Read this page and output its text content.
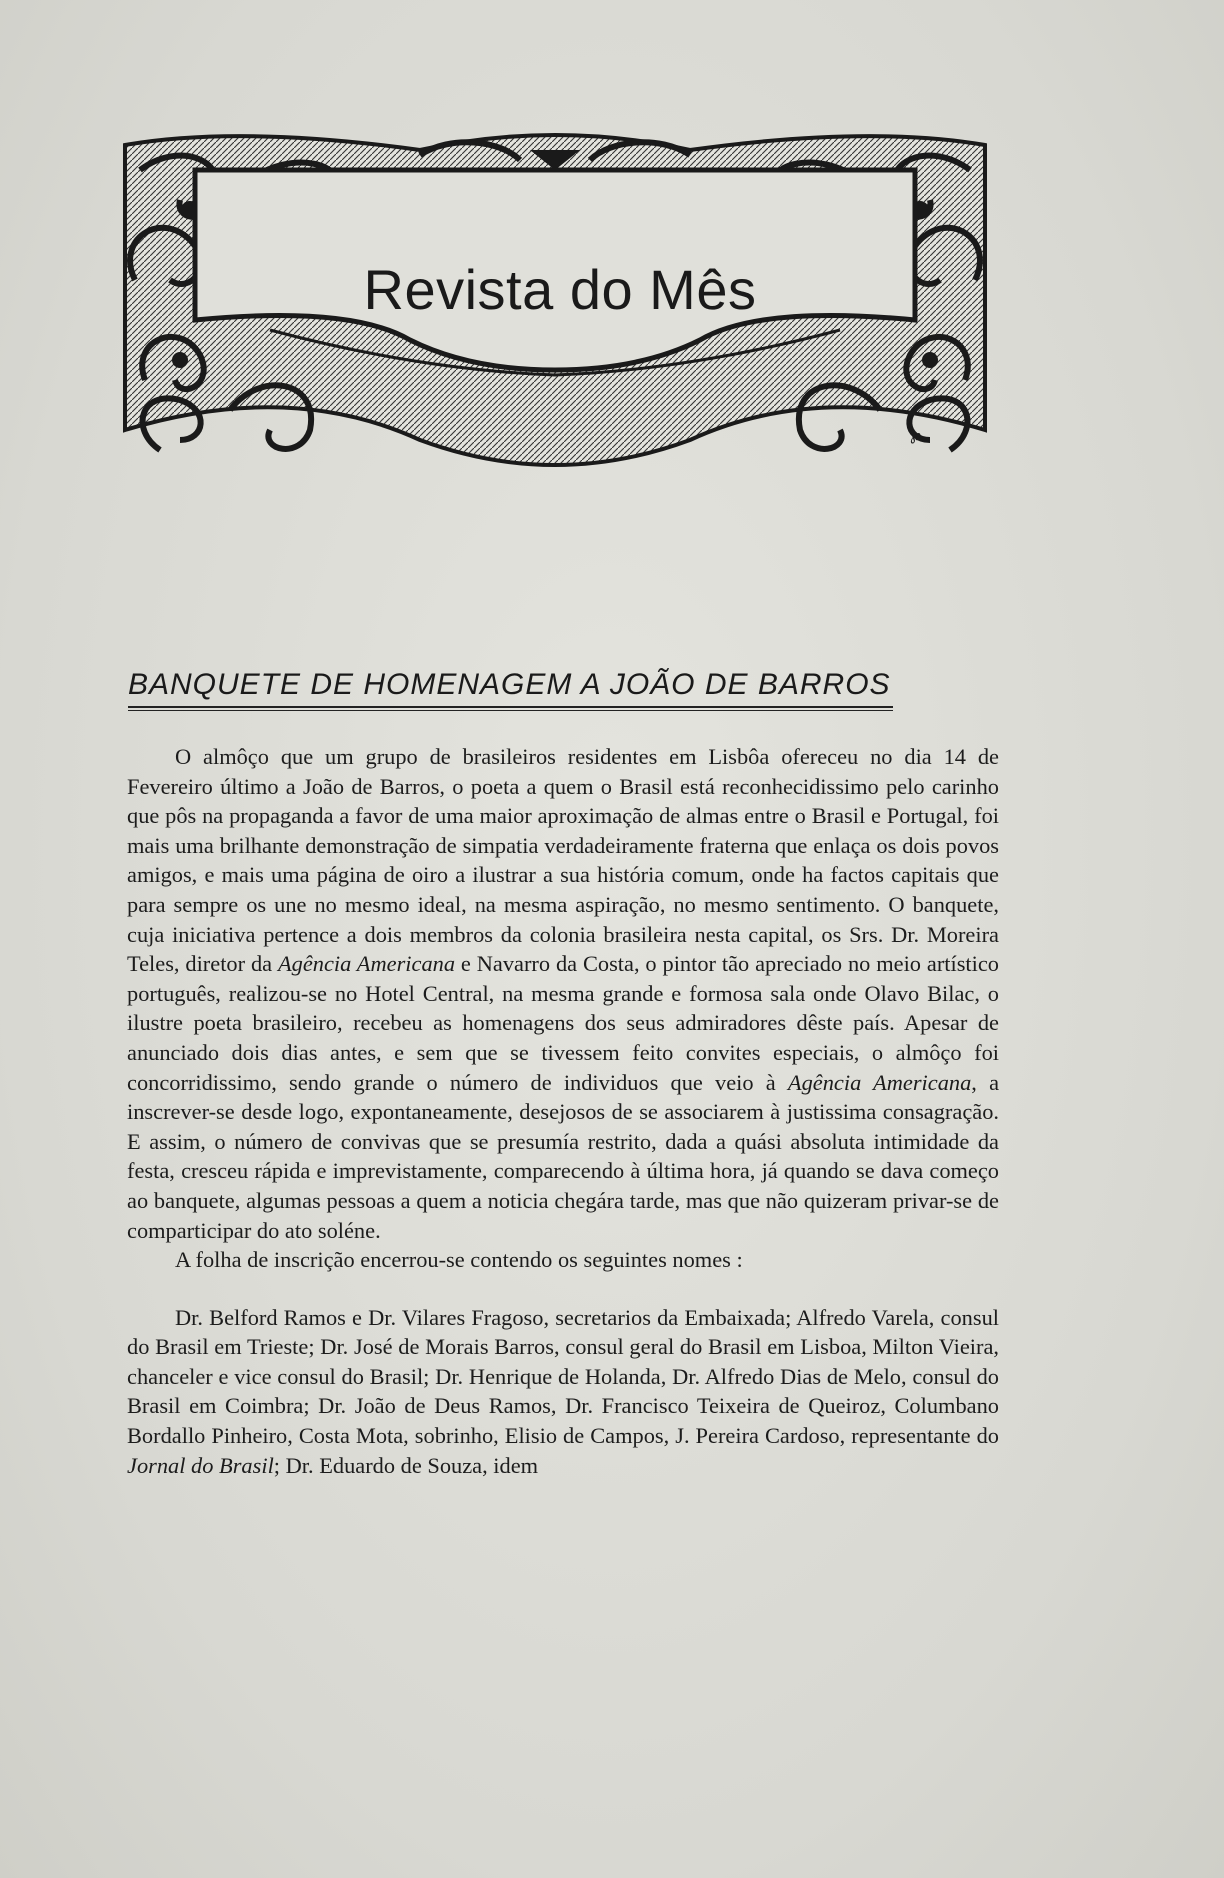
℘
Revista do Mês
BANQUETE DE HOMENAGEM A JOÃO DE BARROS

O almôço que um grupo de brasileiros residentes em Lisbôa ofereceu no dia 14 de Fevereiro último a João de Barros, o poeta a quem o Brasil está reconhecidissimo pelo carinho que pôs na propaganda a favor de uma maior aproximação de almas entre o Brasil e Portugal, foi mais uma brilhante demonstração de simpatia verdadeiramente fraterna que enlaça os dois povos amigos, e mais uma página de oiro a ilustrar a sua história comum, onde ha factos capitais que para sempre os une no mesmo ideal, na mesma aspiração, no mesmo sentimento. O banquete, cuja iniciativa pertence a dois membros da colonia brasileira nesta capital, os Srs. Dr. Moreira Teles, diretor da Agência Americana e Navarro da Costa, o pintor tão apreciado no meio artístico português, realizou-se no Hotel Central, na mesma grande e formosa sala onde Olavo Bilac, o ilustre poeta brasileiro, recebeu as homenagens dos seus admiradores dêste país. Apesar de anunciado dois dias antes, e sem que se tivessem feito convites especiais, o almôço foi concorridissimo, sendo grande o número de individuos que veio à Agência Americana, a inscrever-se desde logo, expontaneamente, desejosos de se associarem à justissima consagração. E assim, o número de convivas que se presumía restrito, dada a quási absoluta intimidade da festa, cresceu rápida e imprevistamente, comparecendo à última hora, já quando se dava começo ao banquete, algumas pessoas a quem a noticia chegára tarde, mas que não quizeram privar-se de comparticipar do ato soléne.

A folha de inscrição encerrou-se contendo os seguintes nomes :

Dr. Belford Ramos e Dr. Vilares Fragoso, secretarios da Embaixada; Alfredo Varela, consul do Brasil em Trieste; Dr. José de Morais Barros, consul geral do Brasil em Lisboa, Milton Vieira, chanceler e vice consul do Brasil; Dr. Henrique de Holanda, Dr. Alfredo Dias de Melo, consul do Brasil em Coimbra; Dr. João de Deus Ramos, Dr. Francisco Teixeira de Queiroz, Columbano Bordallo Pinheiro, Costa Mota, sobrinho, Elisio de Campos, J. Pereira Cardoso, representante do Jornal do Brasil; Dr. Eduardo de Souza, idem
